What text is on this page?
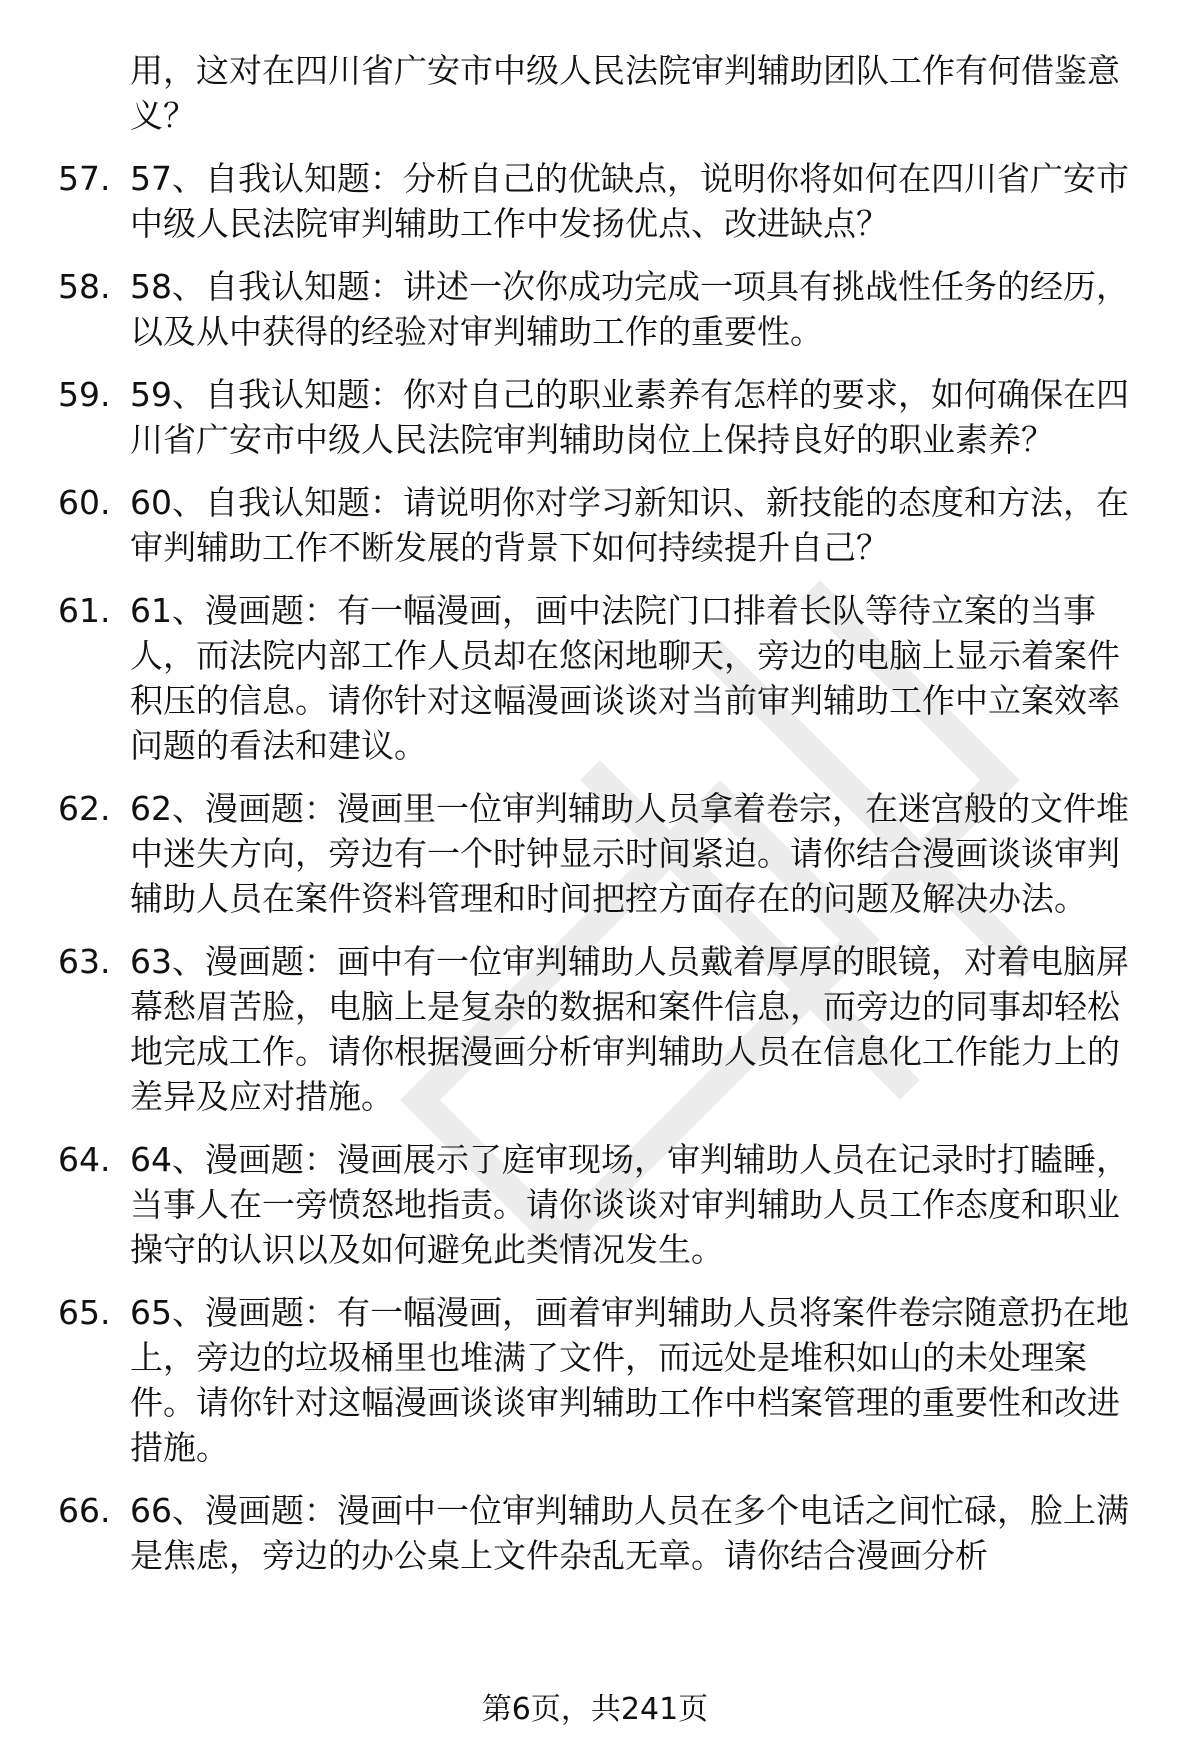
用，这对在四川省广安市中级人民法院审判辅助团队工作有何借鉴意义？
57. 57、自我认知题：分析自己的优缺点，说明你将如何在四川省广安市中级人民法院审判辅助工作中发扬优点、改进缺点？
58. 58、自我认知题：讲述一次你成功完成一项具有挑战性任务的经历，以及从中获得的经验对审判辅助工作的重要性。
59. 59、自我认知题：你对自己的职业素养有怎样的要求，如何确保在四川省广安市中级人民法院审判辅助岗位上保持良好的职业素养？
60. 60、自我认知题：请说明你对学习新知识、新技能的态度和方法，在审判辅助工作不断发展的背景下如何持续提升自己？
61. 61、漫画题：有一幅漫画，画中法院门口排着长队等待立案的当事人，而法院内部工作人员却在悠闲地聊天，旁边的电脑上显示着案件积压的信息。请你针对这幅漫画谈谈对当前审判辅助工作中立案效率问题的看法和建议。
62. 62、漫画题：漫画里一位审判辅助人员拿着卷宗，在迷宫般的文件堆中迷失方向，旁边有一个时钟显示时间紧迫。请你结合漫画谈谈审判辅助人员在案件资料管理和时间把控方面存在的问题及解决办法。
63. 63、漫画题：画中有一位审判辅助人员戴着厚厚的眼镜，对着电脑屏幕愁眉苦脸，电脑上是复杂的数据和案件信息，而旁边的同事却轻松地完成工作。请你根据漫画分析审判辅助人员在信息化工作能力上的差异及应对措施。
64. 64、漫画题：漫画展示了庭审现场，审判辅助人员在记录时打瞌睡，当事人在一旁愤怒地指责。请你谈谈对审判辅助人员工作态度和职业操守的认识以及如何避免此类情况发生。
65. 65、漫画题：有一幅漫画，画着审判辅助人员将案件卷宗随意扔在地上，旁边的垃圾桶里也堆满了文件，而远处是堆积如山的未处理案件。请你针对这幅漫画谈谈审判辅助工作中档案管理的重要性和改进措施。
66. 66、漫画题：漫画中一位审判辅助人员在多个电话之间忙碌，脸上满是焦虑，旁边的办公桌上文件杂乱无章。请你结合漫画分析
第6页，共241页
